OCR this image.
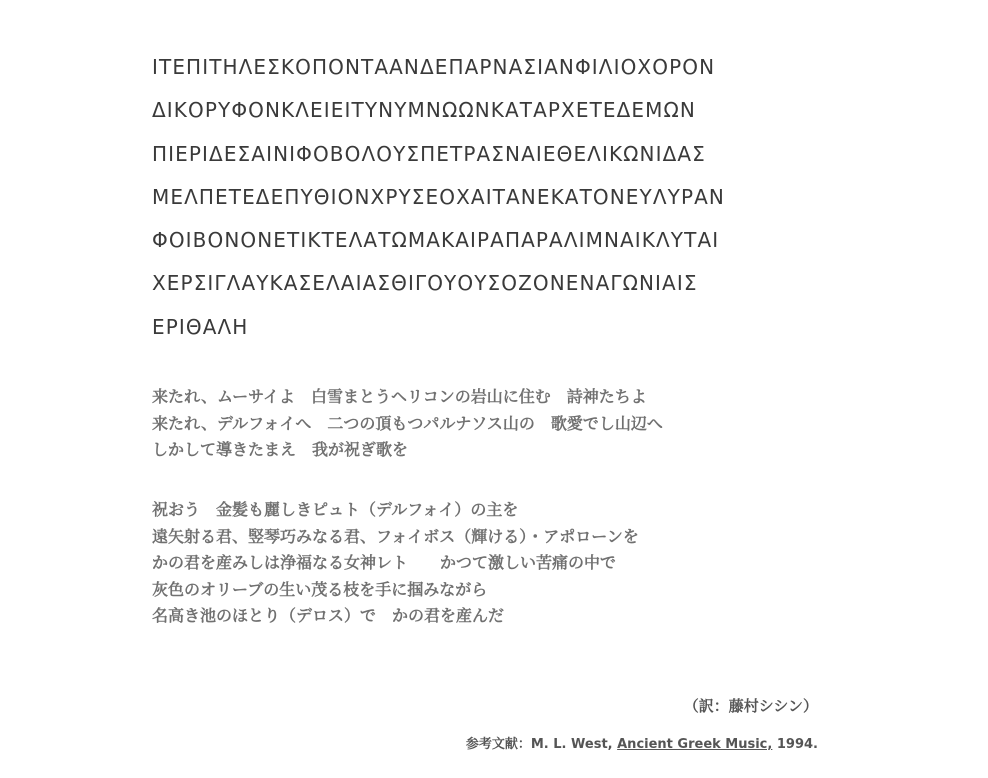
ΙΤΕΠΙΤΗΛΕΣΚΟΠΟΝΤΑΑΝΔΕΠΑΡΝΑΣΙΑΝΦΙΛΙΟΧΟΡΟΝ
ΔΙΚΟΡΥΦΟΝΚΛΕΙΕΙΤΥΝΥΜΝΩΩΝΚΑΤΑΡΧΕΤΕΔΕΜΩΝ
ΠΙΕΡΙΔΕΣΑΙΝΙΦΟΒΟΛΟΥΣΠΕΤΡΑΣΝΑΙΕΘΕΛΙΚΩΝΙΔΑΣ
ΜΕΛΠΕΤΕΔΕΠΥΘΙΟΝΧΡΥΣΕΟΧΑΙΤΑΝΕΚΑΤΟΝΕΥΛΥΡΑΝ
ΦΟΙΒΟΝΟΝΕΤΙΚΤΕΛΑΤΩΜΑΚΑΙΡΑΠΑΡΑΛΙΜΝΑΙΚΛΥΤΑΙ
ΧΕΡΣΙΓΛΑΥΚΑΣΕΛΑΙΑΣΘΙΓΟΥΟΥΣΟΖΟΝΕΝΑΓΩΝΙΑΙΣ
ΕΡΙΘΑΛΗ
来たれ、ムーサイよ　白雪まとうヘリコンの岩山に住む　詩神たちよ
来たれ、デルフォイへ　二つの頂もつパルナソス山の　歌愛でし山辺へ
しかして導きたまえ　我が祝ぎ歌を
祝おう　金髪も麗しきピュト（デルフォイ）の主を
遠矢射る君、竪琴巧みなる君、フォイボス（輝ける）・アポローンを
かの君を産みしは浄福なる女神レト　　かつて激しい苦痛の中で
灰色のオリーブの生い茂る枝を手に掴みながら
名高き池のほとり（デロス）で　かの君を産んだ
（訳：藤村シシン）
参考文献：M. L. West, Ancient Greek Music, 1994.
